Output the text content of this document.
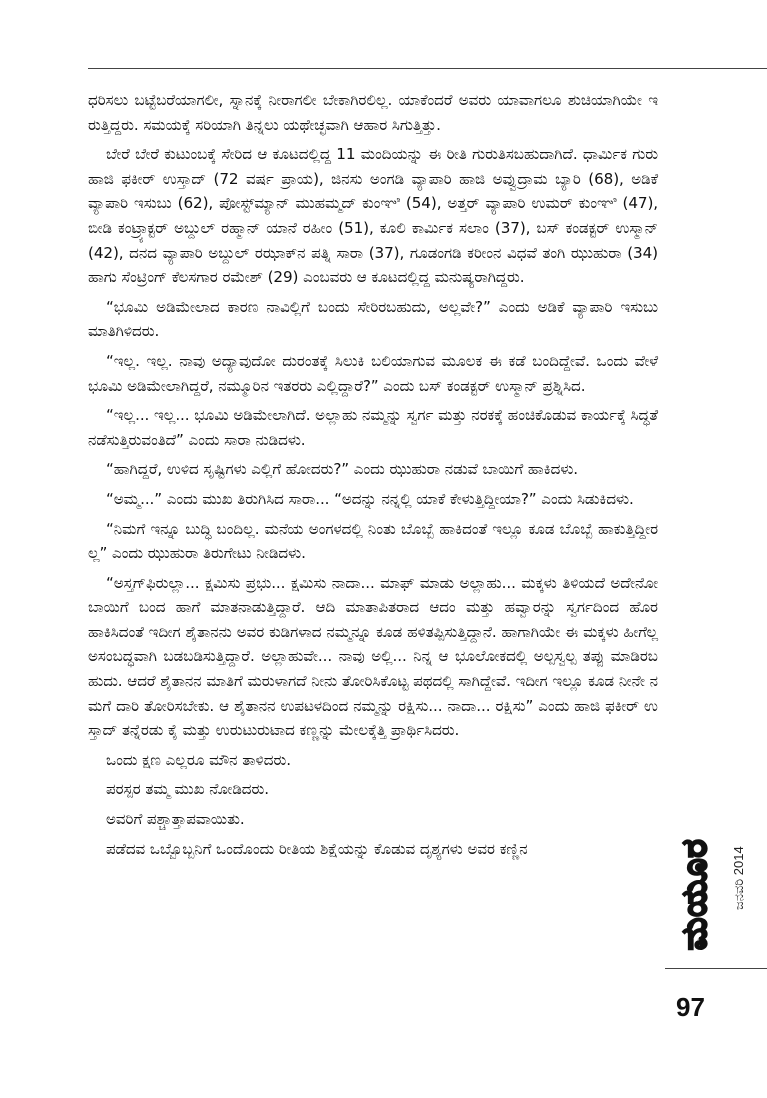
ಧರಿಸಲು ಬಟ್ಟೆಬರೆಯಾಗಲೀ, ಸ್ನಾನಕ್ಕೆ ನೀರಾಗಲೀ ಬೇಕಾಗಿರಲಿಲ್ಲ. ಯಾಕೆಂದರೆ ಅವರು ಯಾವಾಗಲೂ ಶುಚಿಯಾಗಿಯೇ ಇರುತ್ತಿದ್ದರು. ಸಮಯಕ್ಕೆ ಸರಿಯಾಗಿ ತಿನ್ನಲು ಯಥೇಚ್ಛವಾಗಿ ಆಹಾರ ಸಿಗುತ್ತಿತ್ತು.

ಬೇರೆ ಬೇರೆ ಕುಟುಂಬಕ್ಕೆ ಸೇರಿದ ಆ ಕೂಟದಲ್ಲಿದ್ದ 11 ಮಂದಿಯನ್ನು ಈ ರೀತಿ ಗುರುತಿಸಬಹುದಾಗಿದೆ. ಧಾರ್ಮಿಕ ಗುರು ಹಾಜಿ ಫಕೀರ್ ಉಸ್ತಾದ್ (72 ವರ್ಷ ಪ್ರಾಯ), ಜಿನಸು ಅಂಗಡಿ ವ್ಯಾಪಾರಿ ಹಾಜಿ ಅವ್ವುದ್ರಾಮ ಬ್ಯಾರಿ (68), ಅಡಿಕೆ ವ್ಯಾಪಾರಿ ಇಸುಬು (62), ಪೋಸ್ಟ್‌ಮ್ಯಾನ್ ಮುಹಮ್ಮದ್ ಕುಂಞಿ (54), ಅತ್ತರ್ ವ್ಯಾಪಾರಿ ಉಮರ್ ಕುಂಞಿ (47), ಬೀಡಿ ಕಂಟ್ರ್ಯಾಕ್ಟರ್ ಅಬ್ದುಲ್ ರಹ್ಮಾನ್ ಯಾನೆ ರಹೀಂ (51), ಕೂಲಿ ಕಾರ್ಮಿಕ ಸಲಾಂ (37), ಬಸ್ ಕಂಡಕ್ಟರ್ ಉಸ್ಮಾನ್ (42), ದನದ ವ್ಯಾಪಾರಿ ಅಬ್ದುಲ್ ರಝಾಕ್‌ನ ಪತ್ನಿ ಸಾರಾ (37), ಗೂಡಂಗಡಿ ಕರೀಂನ ವಿಧವೆ ತಂಗಿ ಝುಹುರಾ (34) ಹಾಗು ಸೆಂಟ್ರಿಂಗ್ ಕೆಲಸಗಾರ ರಮೇಶ್ (29) ಎಂಬವರು ಆ ಕೂಟದಲ್ಲಿದ್ದ ಮನುಷ್ಯರಾಗಿದ್ದರು.

“ಭೂಮಿ ಅಡಿಮೇಲಾದ ಕಾರಣ ನಾವಿಲ್ಲಿಗೆ ಬಂದು ಸೇರಿರಬಹುದು, ಅಲ್ಲವೇ?” ಎಂದು ಅಡಿಕೆ ವ್ಯಾಪಾರಿ ಇಸುಬು ಮಾತಿಗಿಳಿದರು.

“ಇಲ್ಲ. ಇಲ್ಲ. ನಾವು ಅದ್ಯಾವುದೋ ದುರಂತಕ್ಕೆ ಸಿಲುಕಿ ಬಲಿಯಾಗುವ ಮೂಲಕ ಈ ಕಡೆ ಬಂದಿದ್ದೇವೆ. ಒಂದು ವೇಳೆ ಭೂಮಿ ಅಡಿಮೇಲಾಗಿದ್ದರೆ, ನಮ್ಮೂರಿನ ಇತರರು ಎಲ್ಲಿದ್ದಾರೆ?” ಎಂದು ಬಸ್ ಕಂಡಕ್ಟರ್ ಉಸ್ಮಾನ್ ಪ್ರಶ್ನಿಸಿದ.

“ಇಲ್ಲ... ಇಲ್ಲ... ಭೂಮಿ ಅಡಿಮೇಲಾಗಿದೆ. ಅಲ್ಲಾಹು ನಮ್ಮನ್ನು ಸ್ವರ್ಗ ಮತ್ತು ನರಕಕ್ಕೆ ಹಂಚಿಕೊಡುವ ಕಾರ್ಯಕ್ಕೆ ಸಿದ್ಧತೆ ನಡೆಸುತ್ತಿರುವಂತಿದೆ” ಎಂದು ಸಾರಾ ನುಡಿದಳು.

“ಹಾಗಿದ್ದರೆ, ಉಳಿದ ಸೃಷ್ಟಿಗಳು ಎಲ್ಲಿಗೆ ಹೋದರು?” ಎಂದು ಝುಹುರಾ ನಡುವೆ ಬಾಯಿಗೆ ಹಾಕಿದಳು.

“ಅಮ್ಮ...” ಎಂದು ಮುಖ ತಿರುಗಿಸಿದ ಸಾರಾ... “ಅದನ್ನು ನನ್ನಲ್ಲಿ ಯಾಕೆ ಕೇಳುತ್ತಿದ್ದೀಯಾ?” ಎಂದು ಸಿಡುಕಿದಳು.

“ನಿಮಗೆ ಇನ್ನೂ ಬುದ್ಧಿ ಬಂದಿಲ್ಲ. ಮನೆಯ ಅಂಗಳದಲ್ಲಿ ನಿಂತು ಬೊಬ್ಬೆ ಹಾಕಿದಂತೆ ಇಲ್ಲೂ ಕೂಡ ಬೊಬ್ಬೆ ಹಾಕುತ್ತಿದ್ದೀರಲ್ಲ” ಎಂದು ಝುಹುರಾ ತಿರುಗೇಟು ನೀಡಿದಳು.

“ಅಸ್ತಗ್‌ಫಿರುಲ್ಲಾ... ಕ್ಷಮಿಸು ಪ್ರಭು... ಕ್ಷಮಿಸು ನಾದಾ... ಮಾಫ್ ಮಾಡು ಅಲ್ಲಾಹು... ಮಕ್ಕಳು ತಿಳಿಯದೆ ಅದೇನೋ ಬಾಯಿಗೆ ಬಂದ ಹಾಗೆ ಮಾತನಾಡುತ್ತಿದ್ದಾರೆ. ಆದಿ ಮಾತಾಪಿತರಾದ ಆದಂ ಮತ್ತು ಹವ್ವಾರನ್ನು ಸ್ವರ್ಗದಿಂದ ಹೊರ ಹಾಕಿಸಿದಂತೆ ಇದೀಗ ಶೈತಾನನು ಅವರ ಕುಡಿಗಳಾದ ನಮ್ಮನ್ನೂ ಕೂಡ ಹಳಿತಪ್ಪಿಸುತ್ತಿದ್ದಾನೆ. ಹಾಗಾಗಿಯೇ ಈ ಮಕ್ಕಳು ಹೀಗೆಲ್ಲ ಅಸಂಬದ್ಧವಾಗಿ ಬಡಬಡಿಸುತ್ತಿದ್ದಾರೆ. ಅಲ್ಲಾಹುವೇ... ನಾವು ಅಲ್ಲಿ... ನಿನ್ನ ಆ ಭೂಲೋಕದಲ್ಲಿ ಅಲ್ಪಸ್ವಲ್ಪ ತಪ್ಪು ಮಾಡಿರಬಹುದು. ಆದರೆ ಶೈತಾನನ ಮಾತಿಗೆ ಮರುಳಾಗದೆ ನೀನು ತೋರಿಸಿಕೊಟ್ಟ ಪಥದಲ್ಲಿ ಸಾಗಿದ್ದೇವೆ. ಇದೀಗ ಇಲ್ಲೂ ಕೂಡ ನೀನೇ ನಮಗೆ ದಾರಿ ತೋರಿಸಬೇಕು. ಆ ಶೈತಾನನ ಉಪಟಳದಿಂದ ನಮ್ಮನ್ನು ರಕ್ಷಿಸು... ನಾದಾ... ರಕ್ಷಿಸು” ಎಂದು ಹಾಜಿ ಫಕೀರ್ ಉಸ್ತಾದ್ ತನ್ನೆರಡು ಕೈ ಮತ್ತು ಉರುಟುರುಟಾದ ಕಣ್ಣನ್ನು ಮೇಲಕ್ಕೆತ್ತಿ ಪ್ರಾರ್ಥಿಸಿದರು.

ಒಂದು ಕ್ಷಣ ಎಲ್ಲರೂ ಮೌನ ತಾಳಿದರು.

ಪರಸ್ಪರ ತಮ್ಮ ಮುಖ ನೋಡಿದರು.

ಅವರಿಗೆ ಪಶ್ಚಾತ್ತಾಪವಾಯಿತು.

ಪಡೆದವ ಒಬ್ಬೊಬ್ಬನಿಗೆ ಒಂದೊಂದು ರೀತಿಯ ಶಿಕ್ಷೆಯನ್ನು ಕೊಡುವ ದೃಶ್ಯಗಳು ಅವರ ಕಣ್ಣಿನ	ಮಯೂರ ಜನವರಿ 2014
97
